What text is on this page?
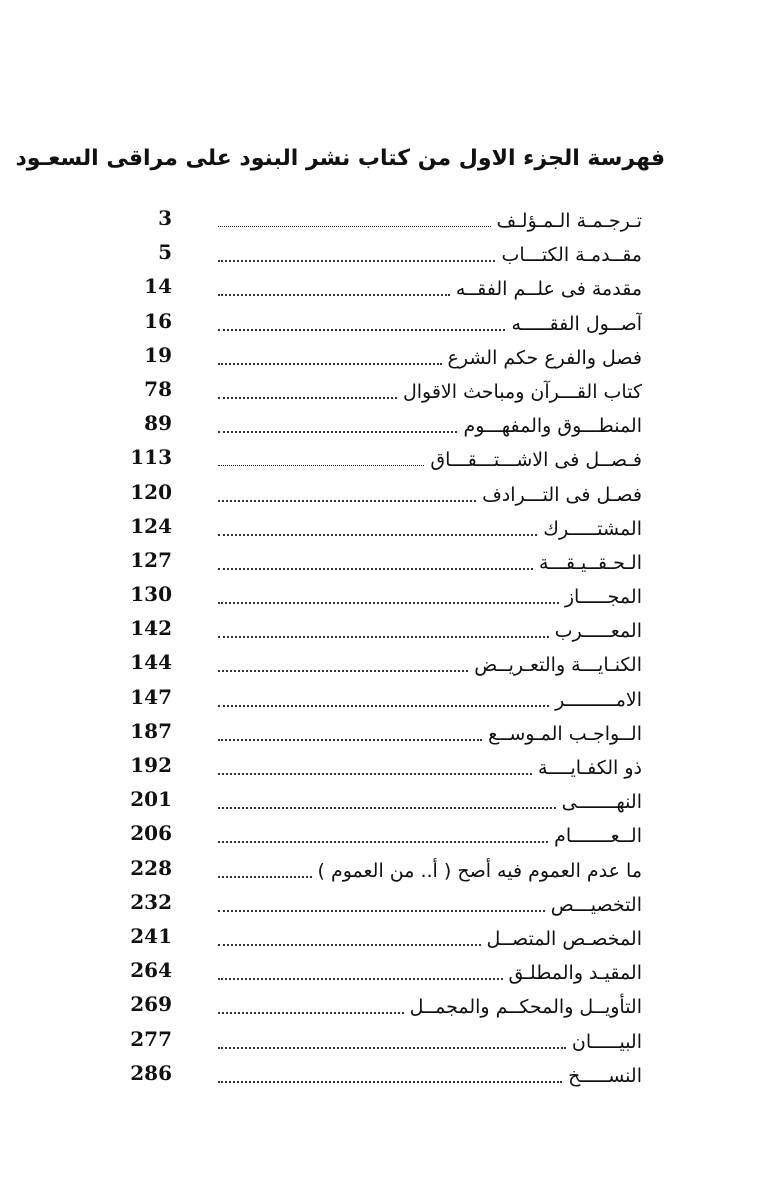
فهرسة الجزء الاول من كتاب نشر البنود على مراقى السعـود
3	تـرجـمـة الـمـؤلـف
5	مقــدمـة الكتـــاب
14	مقدمة فى علــم الفقــه
16	آصــول الفقـــــه
19	فصل والفرع حكم الشرع
78	كتاب القـــرآن ومباحث الاقوال
89	المنطـــوق والمفهـــوم
113	فـصــل فى الاشـــتـــقـــاق
120	فصـل فى التـــرادف
124	المشتـــــرك
127	الـحـقــيـقـــة
130	المجـــــاز
142	المعـــــرب
144	الكنـايـــة والتعـريــض
147	الامـــــــــر
187	الــواجـب المـوســع
192	ذو الكفـايــــة
201	النهـــــــى
206	الــعـــــــام
228	ما عدم العموم فيه أصح ( أ.. من العموم )
232	التخصيـــص
241	المخصـص المتصــل
264	المقيـد والمطلـق
269	التأويــل والمحكــم والمجمــل
277	البيـــــان
286	النســـــخ
